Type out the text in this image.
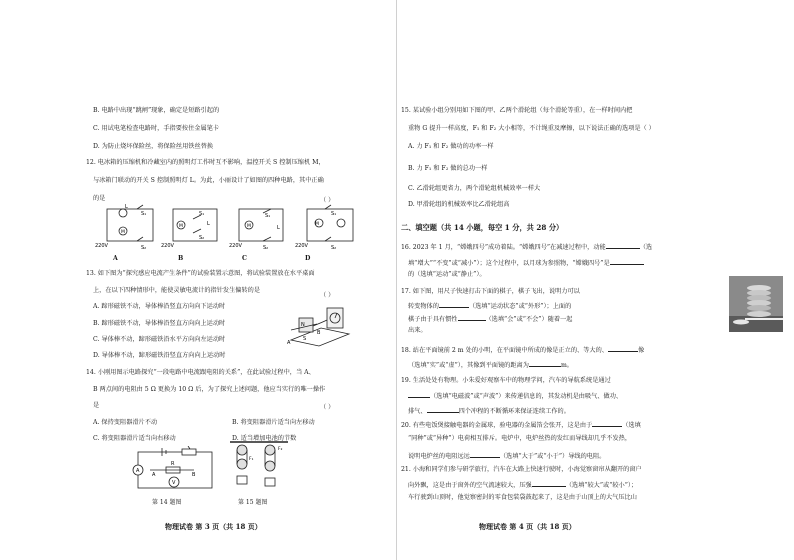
B. 电路中出现“跳闸”现象，确定是短路引起的
C. 用试电笔检查电路时，手指要按住金属笔卡
D. 为防止烧坏保险丝，将保险丝用铁丝替换
12. 电冰箱的压缩机和冷藏室内的照明灯工作时互不影响，温控开关 S 控制压缩机 M，
与冰箱门联动的开关 S 控制照明灯 L。为此，小丽设计了如图的四种电路，其中正确
的是	（ ）
L
M
220V
S₁
S₂
M	L
S₁
S₂
220V
M
S₁
S₂
L
220V
M
S₁
S₂
220V
A	B	C	D
13. 如下图为“探究感应电流产生条件”的试验装置示意图，将试验装置放在水平桌面
上，在以下四种情形中，能使灵敏电流计的指针发生偏转的是
（ ）
A. 蹄形磁铁不动，导体棒沿竖直方向向下运动时
B. 蹄形磁铁不动，导体棒沿竖直方向向上运动时
C. 导体棒不动，蹄形磁铁沿水平方向向左运动时
D. 导体棒不动，蹄形磁铁沿竖直方向向上运动时
N
S
A
B
14. 小刚用图示电路探究“一段电路中电流跟电阻的关系”，在此试验过程中，当 A、
B 两点间的电阻由 5 Ω 更换为 10 Ω 后，为了探究上述问题，他应当实行的唯一操作
是	（ ）
A. 保持变阻器滑片不动	B. 将变阻器滑片适当向左移动
C. 将变阻器滑片适当向右移动	D. 适当增加电池的节数
A
V
R
A	B
F₁
F₂
第 14 题图	第 15 题图
物理试卷 第 3 页（共 18 页）
15. 某试验小组分别用如下图的甲、乙两个滑轮组（每个滑轮等重），在一样时间内把
重物 G 提升一样高度，F₁ 和 F₂ 大小相等，不计绳重及摩擦，以下说法正确的选项是（ ）
A. 力 F₁ 和 F₂ 做功的功率一样
B. 力 F₁ 和 F₂ 做的总功一样
C. 乙滑轮组更省力，两个滑轮组机械效率一样大
D. 甲滑轮组的机械效率比乙滑轮组高
二、填空题（共 14 小题，每空 1 分，共 28 分）
16. 2023 年 1 月，“嫦娥四号”成功着陆。“嫦娥四号”在减速过程中，动能	（选
填“增大”“不变”或“减小”）；这个过程中，以月球为参照物，“嫦娥四号”是
的（选填“运动”或“静止”）。
17. 如下图，用尺子快速打击下面的棋子，棋子飞出，说明力可以
转变物体的	（选填“运动状态”或“外形”）；上面的
棋子由于具有惯性	（选填“会”或“不会”）随着一起
出来。
18. 站在平面镜前 2 m 处的小明，在平面镜中所成的像是正立的、等大的、	像
（选填“实”或“虚”），其像到平面镜的距离为	m。
19. 生活处处有物理。小朱爱好观察车中的物理学问，汽车的导航系统是通过
（选填“电磁波”或“声波”）来传递信息的，其发动机是由吸气、做功、
排气、	四个冲程的不断循环来保证连续工作的。
20. 有些电饭煲接触电器的金属球，验电器的金属箔会张开，这是由于	（选填
“同种”或“异种”）电荷相互排斥。电炉中，电炉丝热的发红而导线却几乎不发热，
说明电炉丝的电阻远远	（选填“大于”或“小于”）导线的电阻。
21. 小海和同学们参与研学旅行，汽车在大路上快速行驶时，小海觉察窗帘从翻开的窗户
向外飘，这是由于窗外的空气流速较大，压强	（选填“较大”或“较小”）；
车行驶到山顶时，他觉察密封的零食包装袋鼓起来了，这是由于山顶上的大气压比山
物理试卷 第 4 页（共 18 页）
